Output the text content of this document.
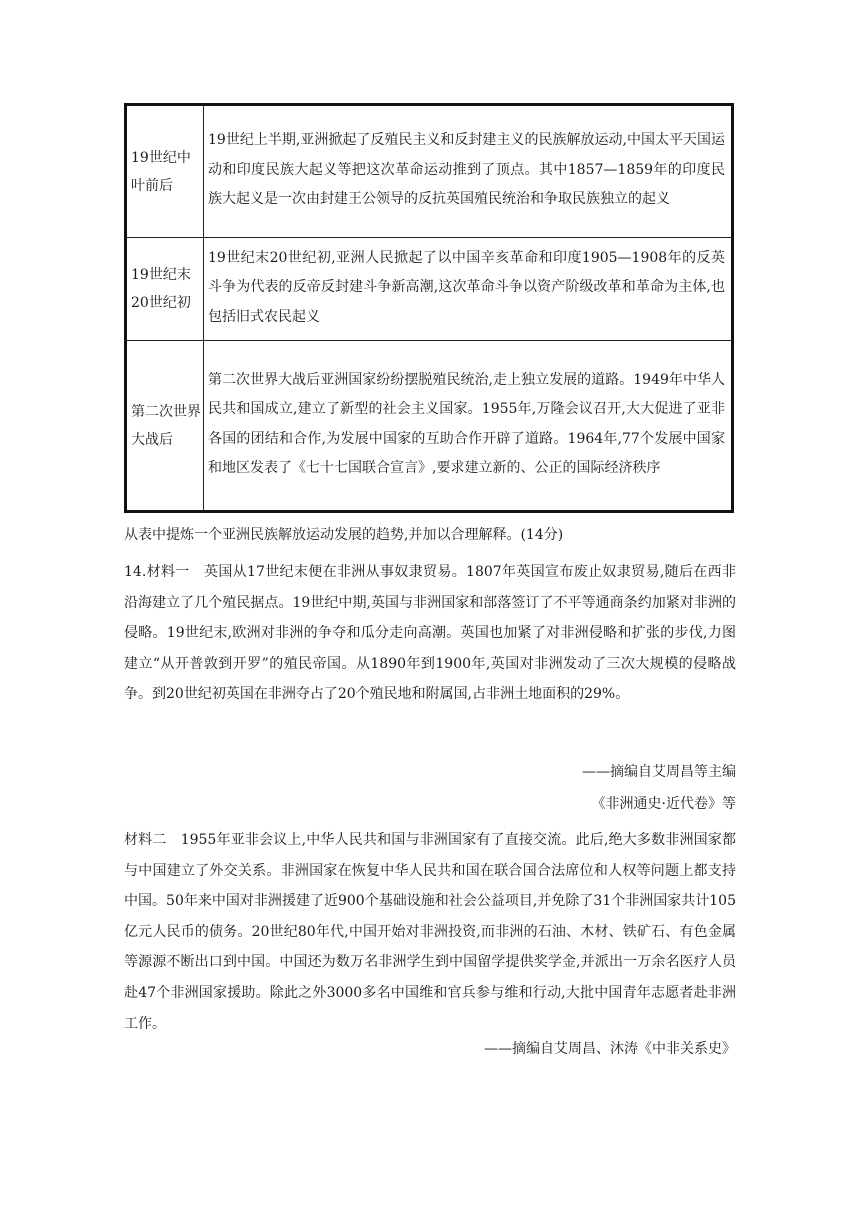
19世纪中叶前后	19世纪上半期,亚洲掀起了反殖民主义和反封建主义的民族解放运动,中国太平天国运动和印度民族大起义等把这次革命运动推到了顶点。其中1857—1859年的印度民族大起义是一次由封建王公领导的反抗英国殖民统治和争取民族独立的起义
19世纪末20世纪初	19世纪末20世纪初,亚洲人民掀起了以中国辛亥革命和印度1905—1908年的反英斗争为代表的反帝反封建斗争新高潮,这次革命斗争以资产阶级改革和革命为主体,也包括旧式农民起义
第二次世界大战后	第二次世界大战后亚洲国家纷纷摆脱殖民统治,走上独立发展的道路。1949年中华人民共和国成立,建立了新型的社会主义国家。1955年,万隆会议召开,大大促进了亚非各国的团结和合作,为发展中国家的互助合作开辟了道路。1964年,77个发展中国家和地区发表了《七十七国联合宣言》,要求建立新的、公正的国际经济秩序
从表中提炼一个亚洲民族解放运动发展的趋势,并加以合理解释。(14分)
14.材料一　英国从17世纪末便在非洲从事奴隶贸易。1807年英国宣布废止奴隶贸易,随后在西非沿海建立了几个殖民据点。19世纪中期,英国与非洲国家和部落签订了不平等通商条约加紧对非洲的侵略。19世纪末,欧洲对非洲的争夺和瓜分走向高潮。英国也加紧了对非洲侵略和扩张的步伐,力图建立“从开普敦到开罗”的殖民帝国。从1890年到1900年,英国对非洲发动了三次大规模的侵略战争。到20世纪初英国在非洲夺占了20个殖民地和附属国,占非洲土地面积的29%。
——摘编自艾周昌等主编
《非洲通史·近代卷》等
材料二　1955年亚非会议上,中华人民共和国与非洲国家有了直接交流。此后,绝大多数非洲国家都与中国建立了外交关系。非洲国家在恢复中华人民共和国在联合国合法席位和人权等问题上都支持中国。50年来中国对非洲援建了近900个基础设施和社会公益项目,并免除了31个非洲国家共计105亿元人民币的债务。20世纪80年代,中国开始对非洲投资,而非洲的石油、木材、铁矿石、有色金属等源源不断出口到中国。中国还为数万名非洲学生到中国留学提供奖学金,并派出一万余名医疗人员赴47个非洲国家援助。除此之外3000多名中国维和官兵参与维和行动,大批中国青年志愿者赴非洲工作。
——摘编自艾周昌、沐涛《中非关系史》
